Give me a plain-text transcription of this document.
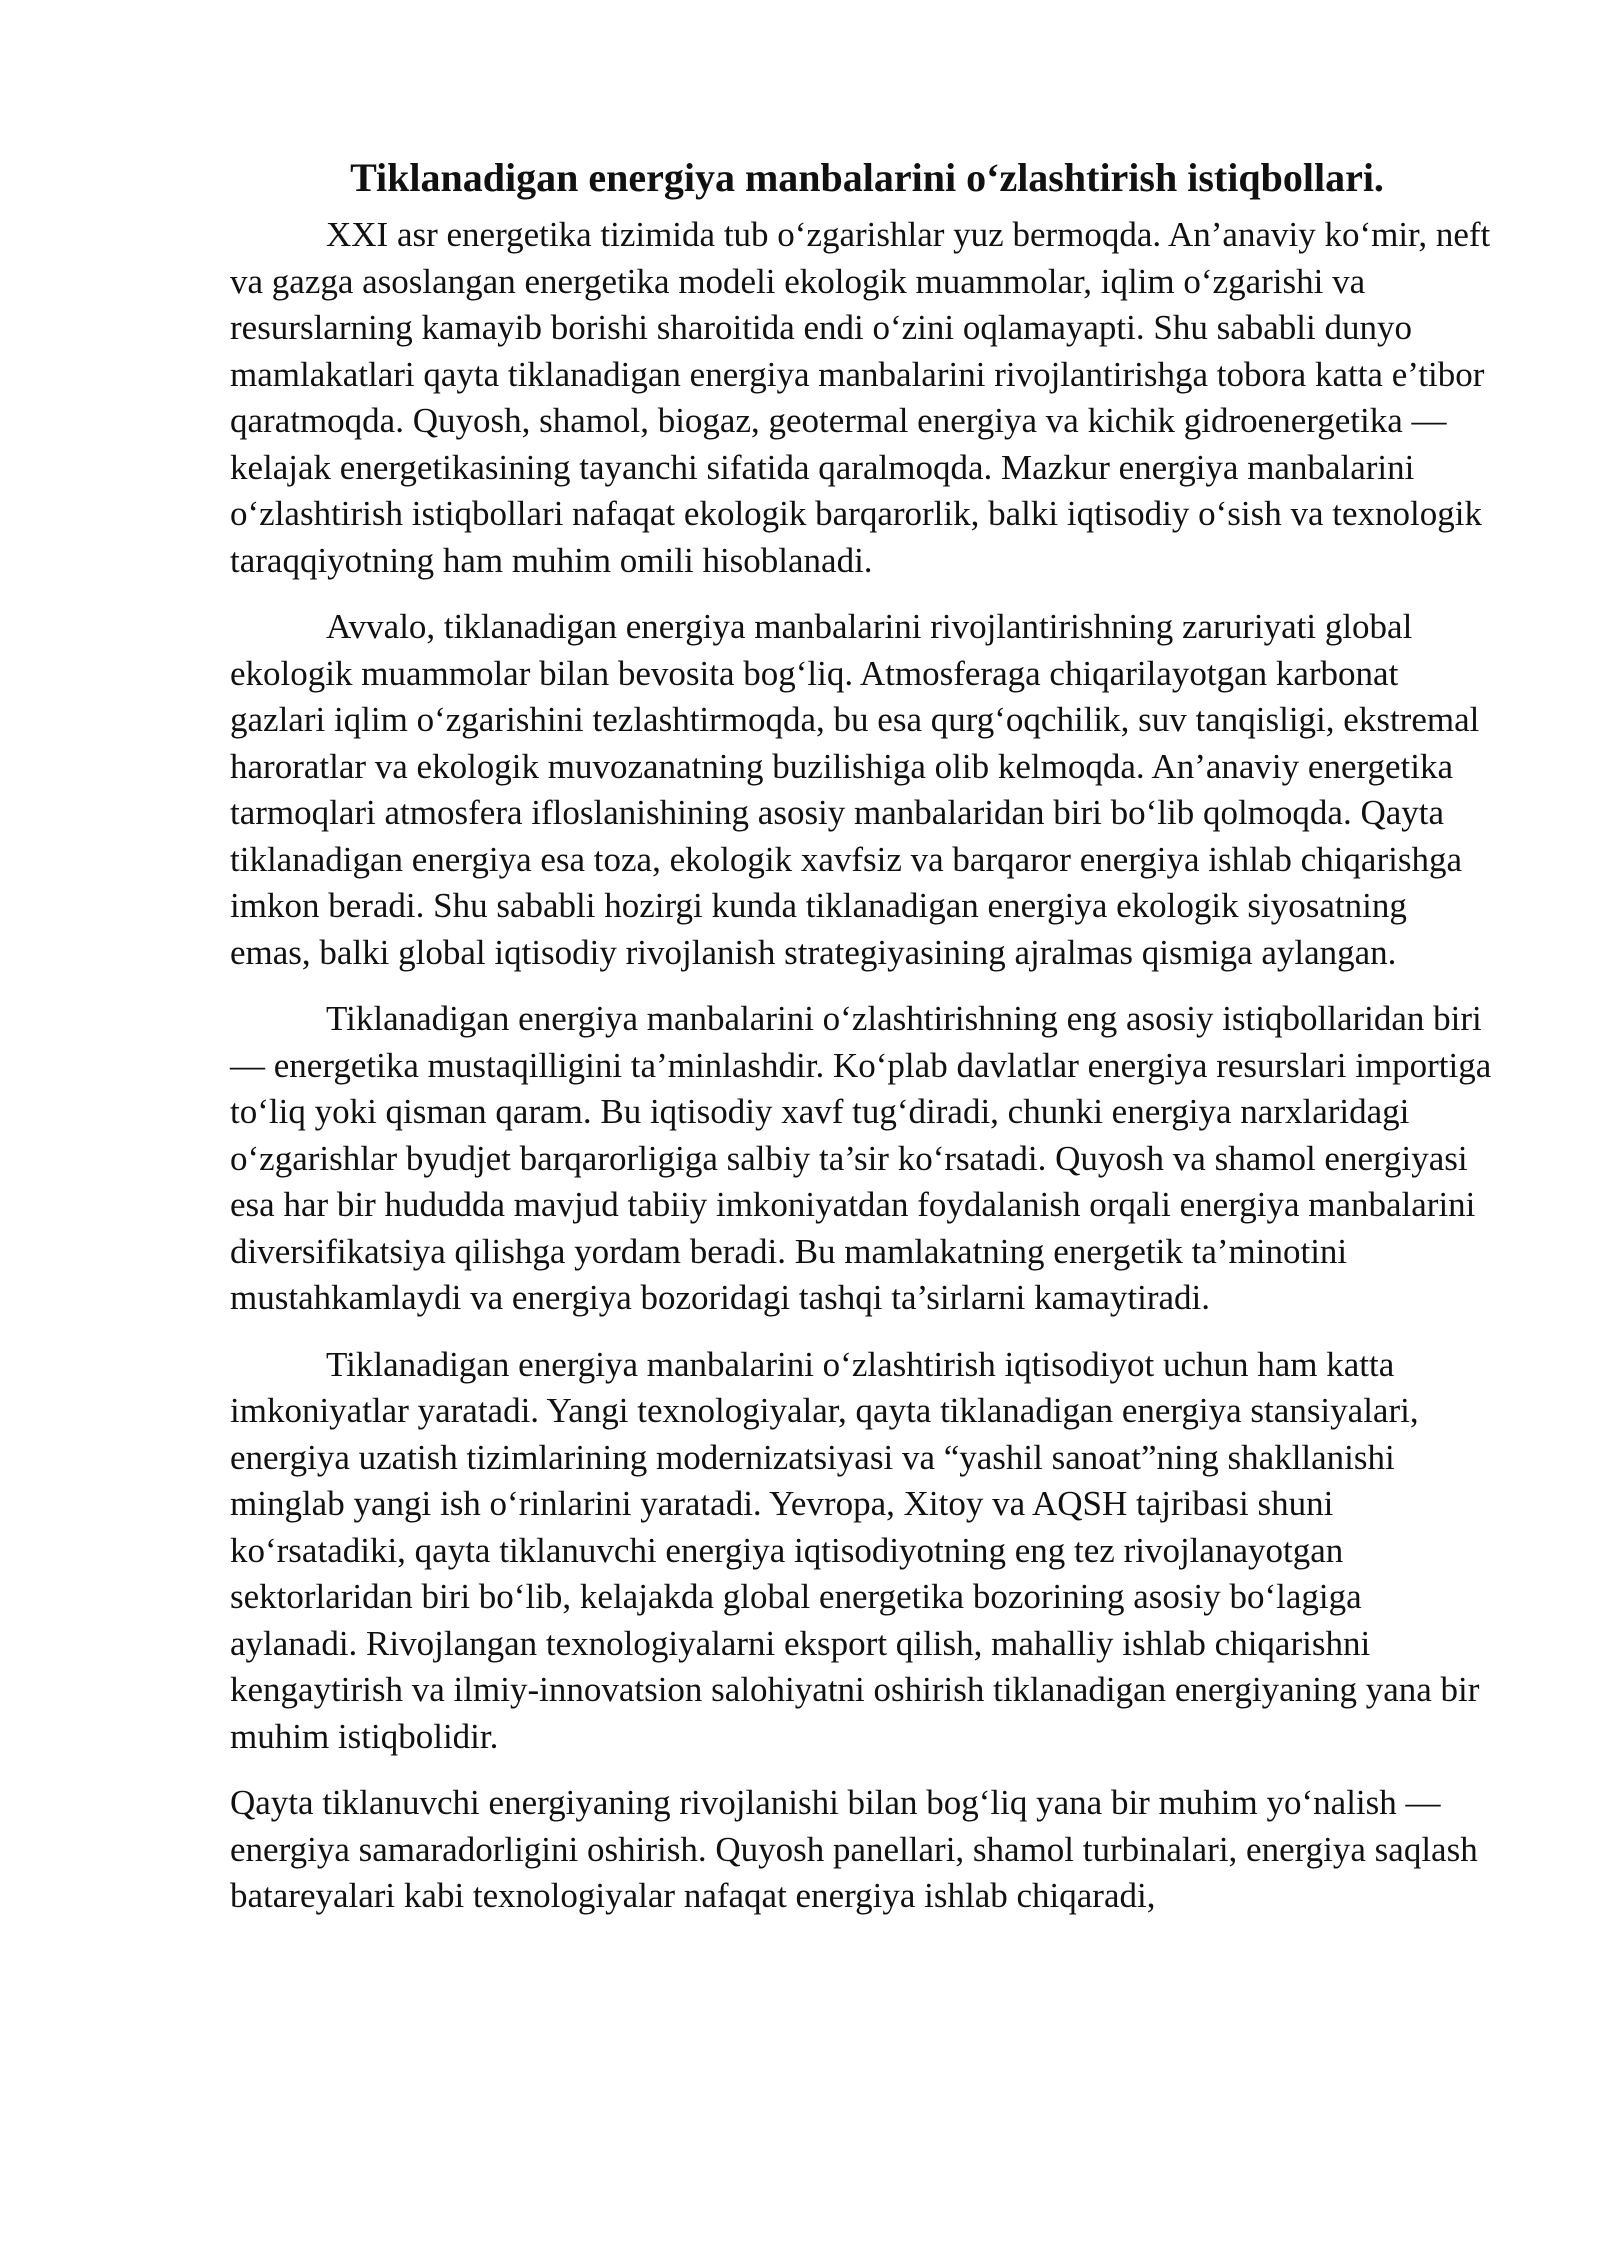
Tiklanadigan energiya manbalarini o‘zlashtirish istiqbollari.

XXI asr energetika tizimida tub o‘zgarishlar yuz bermoqda. An’anaviy ko‘mir, neft va gazga asoslangan energetika modeli ekologik muammolar, iqlim o‘zgarishi va resurslarning kamayib borishi sharoitida endi o‘zini oqlamayapti. Shu sababli dunyo mamlakatlari qayta tiklanadigan energiya manbalarini rivojlantirishga tobora katta e’tibor qaratmoqda. Quyosh, shamol, biogaz, geotermal energiya va kichik gidroenergetika — kelajak energetikasining tayanchi sifatida qaralmoqda. Mazkur energiya manbalarini o‘zlashtirish istiqbollari nafaqat ekologik barqarorlik, balki iqtisodiy o‘sish va texnologik taraqqiyotning ham muhim omili hisoblanadi.

Avvalo, tiklanadigan energiya manbalarini rivojlantirishning zaruriyati global ekologik muammolar bilan bevosita bog‘liq. Atmosferaga chiqarilayotgan karbonat gazlari iqlim o‘zgarishini tezlashtirmoqda, bu esa qurg‘oqchilik, suv tanqisligi, ekstremal haroratlar va ekologik muvozanatning buzilishiga olib kelmoqda. An’anaviy energetika tarmoqlari atmosfera ifloslanishining asosiy manbalaridan biri bo‘lib qolmoqda. Qayta tiklanadigan energiya esa toza, ekologik xavfsiz va barqaror energiya ishlab chiqarishga imkon beradi. Shu sababli hozirgi kunda tiklanadigan energiya ekologik siyosatning emas, balki global iqtisodiy rivojlanish strategiyasining ajralmas qismiga aylangan.

Tiklanadigan energiya manbalarini o‘zlashtirishning eng asosiy istiqbollaridan biri — energetika mustaqilligini ta’minlashdir. Ko‘plab davlatlar energiya resurslari importiga to‘liq yoki qisman qaram. Bu iqtisodiy xavf tug‘diradi, chunki energiya narxlaridagi o‘zgarishlar byudjet barqarorligiga salbiy ta’sir ko‘rsatadi. Quyosh va shamol energiyasi esa har bir hududda mavjud tabiiy imkoniyatdan foydalanish orqali energiya manbalarini diversifikatsiya qilishga yordam beradi. Bu mamlakatning energetik ta’minotini mustahkamlaydi va energiya bozoridagi tashqi ta’sirlarni kamaytiradi.

Tiklanadigan energiya manbalarini o‘zlashtirish iqtisodiyot uchun ham katta imkoniyatlar yaratadi. Yangi texnologiyalar, qayta tiklanadigan energiya stansiyalari, energiya uzatish tizimlarining modernizatsiyasi va “yashil sanoat”ning shakllanishi minglab yangi ish o‘rinlarini yaratadi. Yevropa, Xitoy va AQSH tajribasi shuni ko‘rsatadiki, qayta tiklanuvchi energiya iqtisodiyotning eng tez rivojlanayotgan sektorlaridan biri bo‘lib, kelajakda global energetika bozorining asosiy bo‘lagiga aylanadi. Rivojlangan texnologiyalarni eksport qilish, mahalliy ishlab chiqarishni kengaytirish va ilmiy-innovatsion salohiyatni oshirish tiklanadigan energiyaning yana bir muhim istiqbolidir.

Qayta tiklanuvchi energiyaning rivojlanishi bilan bog‘liq yana bir muhim yo‘nalish — energiya samaradorligini oshirish. Quyosh panellari, shamol turbinalari, energiya saqlash batareyalari kabi texnologiyalar nafaqat energiya ishlab chiqaradi,
